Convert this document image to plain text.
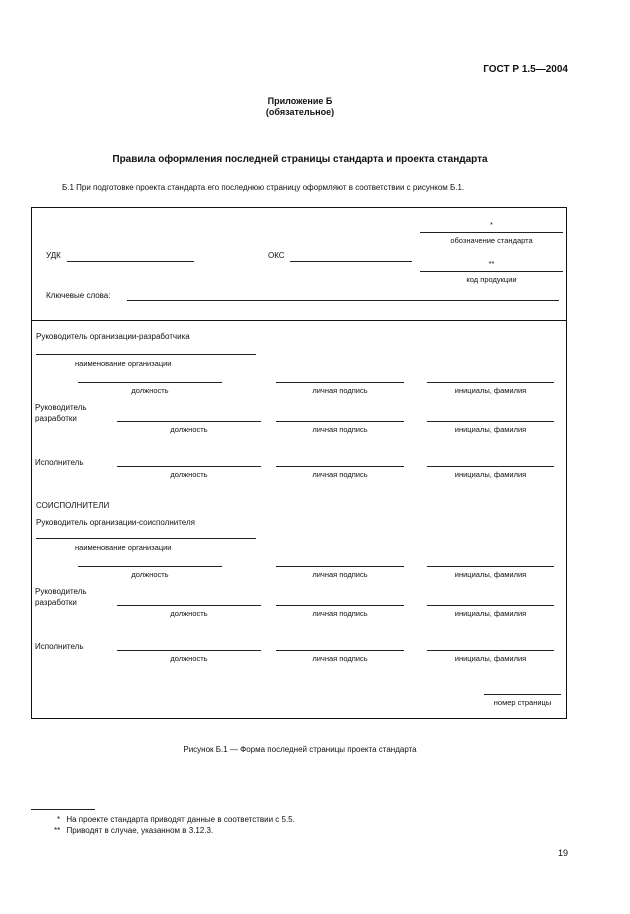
ГОСТ Р 1.5—2004
Приложение Б
(обязательное)
Правила оформления последней страницы стандарта и проекта стандарта
Б.1 При подготовке проекта стандарта его последнюю страницу оформляют в соответствии с рисунком Б.1.
*
обозначение стандарта
УДК	ОКС
**
код продукции
Ключевые слова:
Руководитель организации-разработчика
наименование организации
должность	личная подпись	инициалы, фамилия
Руководитель разработки
должность	личная подпись	инициалы, фамилия
Исполнитель
должность	личная подпись	инициалы, фамилия
СОИСПОЛНИТЕЛИ
Руководитель организации-соисполнителя
наименование организации
должность	личная подпись	инициалы, фамилия
Руководитель разработки
должность	личная подпись	инициалы, фамилия
Исполнитель
должность	личная подпись	инициалы, фамилия
номер страницы
Рисунок Б.1 — Форма последней страницы проекта стандарта
* На проекте стандарта приводят данные в соответствии с 5.5.
** Приводят в случае, указанном в 3.12.3.
19
